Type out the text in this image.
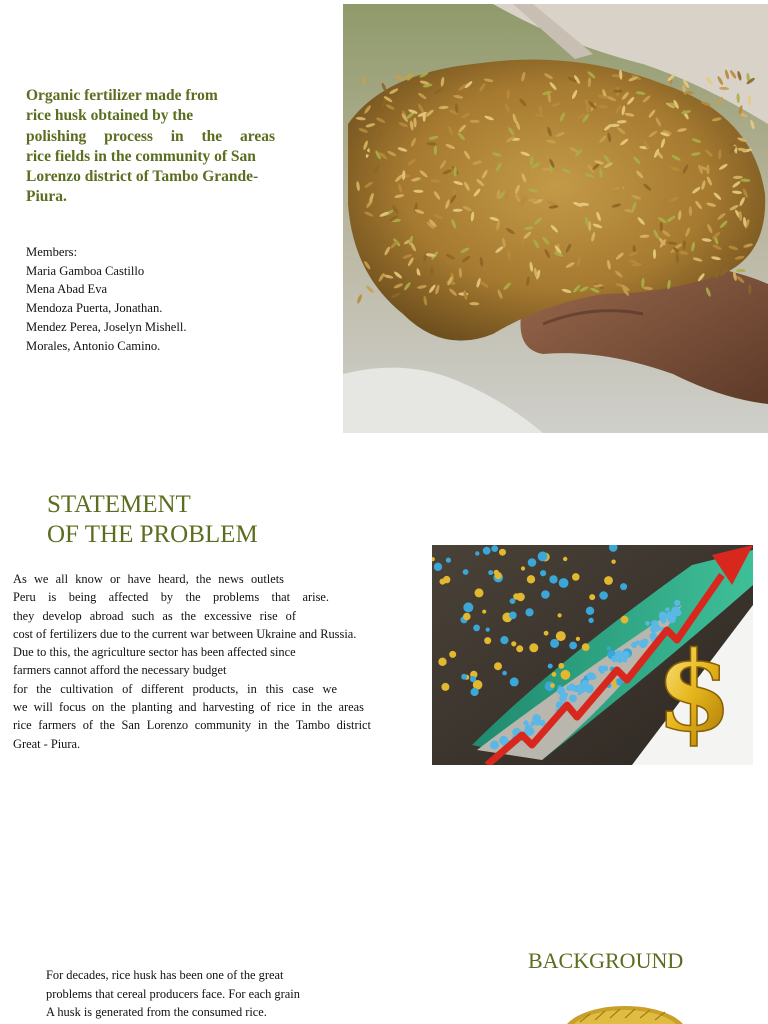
Organic fertilizer made from
rice husk obtained by the
polishing process in the areas
rice fields in the community of San
Lorenzo district of Tambo Grande-
Piura.
Members:
Maria Gamboa Castillo
Mena Abad Eva
Mendoza Puerta, Jonathan.
Mendez Perea, Joselyn Mishell.
Morales, Antonio Camino.
STATEMENT
OF THE PROBLEM
As we all know or have heard, the news outlets
Peru is being affected by the problems that arise.
they develop abroad such as the excessive rise of
cost of fertilizers due to the current war between Ukraine and Russia.
Due to this, the agriculture sector has been affected since
farmers cannot afford the necessary budget
for the cultivation of different products, in this case we
we will focus on the planting and harvesting of rice in the areas
rice farmers of the San Lorenzo community in the Tambo district
Great - Piura.	$
BACKGROUND
For decades, rice husk has been one of the great
problems that cereal producers face. For each grain
A husk is generated from the consumed rice.
